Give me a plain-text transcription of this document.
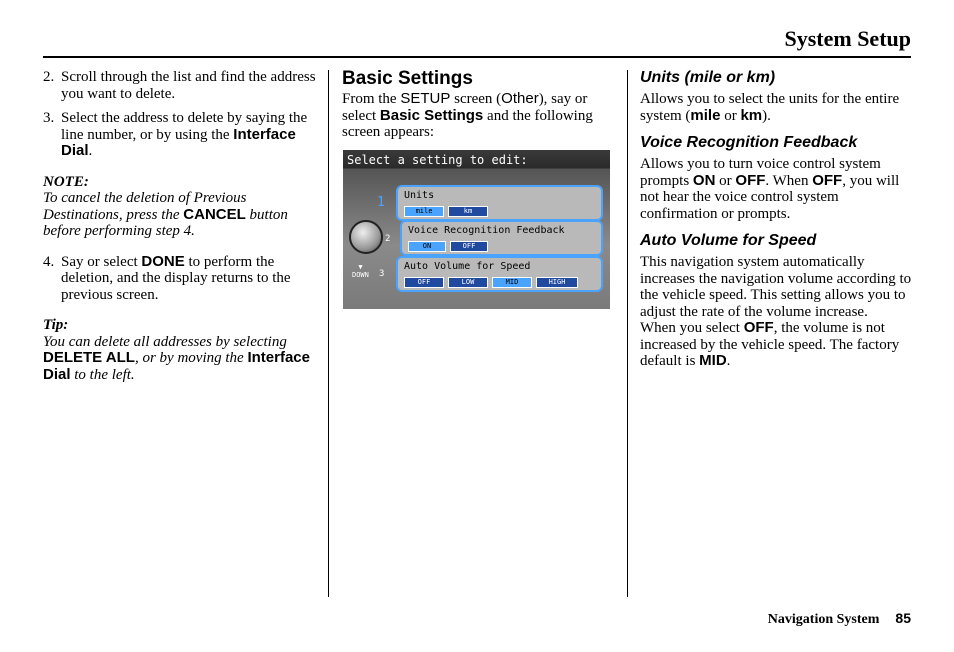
System Setup
2. Scroll through the list and find the address you want to delete.
3. Select the address to delete by saying the line number, or by using the Interface Dial.
NOTE:
To cancel the deletion of Previous Destinations, press the CANCEL button before performing step 4.
4. Say or select DONE to perform the deletion, and the display returns to the previous screen.
Tip:
You can delete all addresses by selecting DELETE ALL, or by moving the Interface Dial to the left.
Basic Settings
From the SETUP screen (Other), say or select Basic Settings and the following screen appears:
Select a setting to edit:
1 Units
mile	km
2
Voice Recognition Feedback
ON	OFF
3
Auto Volume for Speed
OFF	LOW	MID	HIGH
▼
DOWN
Units (mile or km)
Allows you to select the units for the entire system (mile or km).
Voice Recognition Feedback
Allows you to turn voice control system prompts ON or OFF. When OFF, you will not hear the voice control system confirmation or prompts.
Auto Volume for Speed
This navigation system automatically increases the navigation volume according to the vehicle speed. This setting allows you to adjust the rate of the volume increase.
When you select OFF, the volume is not increased by the vehicle speed. The factory default is MID.
Navigation System 85
